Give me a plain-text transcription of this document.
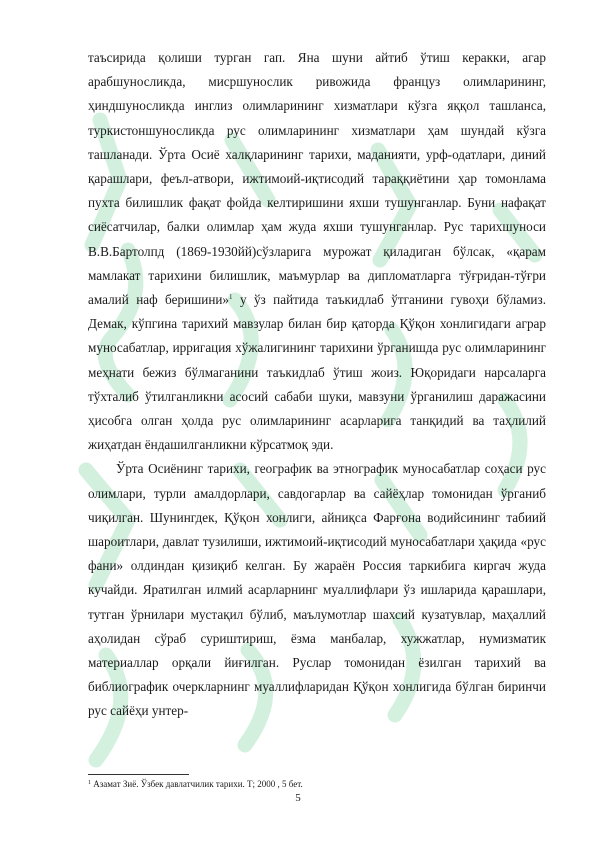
таъсирида қолиши турган гап. Яна шуни айтиб ўтиш керакки, агар арабшуносликда, мисршунослик ривожида француз олимларининг, ҳиндшуносликда инглиз олимларининг хизматлари кўзга яққол ташланса, туркистоншуносликда рус олимларининг хизматлари ҳам шундай кўзга ташланади. Ўрта Осиё халқларининг тарихи, маданияти, урф-одатлари, диний қарашлари, феъл-атвори, ижтимоий-иқтисодий тараққиётини ҳар томонлама пухта билишлик фақат фойда келтиришини яхши тушунганлар. Буни нафақат сиёсатчилар, балки олимлар ҳам жуда яхши тушунганлар. Рус тарихшуноси В.В.Бартолпд (1869-1930йй)сўзларига мурожат қиладиган бўлсак, «қарам мамлакат тарихини билишлик, маъмурлар ва дипломатларга тўғридан-тўғри амалий наф беришини»$^1$ у ўз пайтида таъкидлаб ўтганини гувоҳи бўламиз. Демак, кўпгина тарихий мавзулар билан бир қаторда Қўқон хонлигидаги аграр муносабатлар, ирригация хўжалигининг тарихини ўрганишда рус олимларининг меҳнати бежиз бўлмаганини таъкидлаб ўтиш жоиз. Юқоридаги нарсаларга тўхталиб ўтилганликни асосий сабаби шуки, мавзуни ўрганилиш даражасини ҳисобга олган ҳолда рус олимларининг асарларига танқидий ва таҳлилий жиҳатдан ёндашилганликни кўрсатмоқ эди.

Ўрта Осиёнинг тарихи, географик ва этнографик муносабатлар соҳаси рус олимлари, турли амалдорлари, савдогарлар ва сайёҳлар томонидан ўрганиб чиқилган. Шунингдек, Қўқон хонлиги, айниқса Фарғона водийсининг табиий шароитлари, давлат тузилиши, ижтимоий-иқтисодий муносабатлари ҳақида «рус фани» олдиндан қизиқиб келган. Бу жараён Россия таркибига киргач жуда кучайди. Яратилган илмий асарларнинг муаллифлари ўз ишларида қарашлари, тутган ўрнилари мустақил бўлиб, маълумотлар шахсий кузатувлар, маҳаллий аҳолидан сўраб суриштириш, ёзма манбалар, хужжатлар, нумизматик материаллар орқали йиғилган. Руслар томонидан ёзилган тарихий ва библиографик очеркларнинг муаллифларидан Қўқон хонлигида бўлган биринчи рус сайёҳи унтер-

$^1$ Азамат Зиё. Ўзбек давлатчилик тарихи. Т; 2000 , 5 бет.
5
